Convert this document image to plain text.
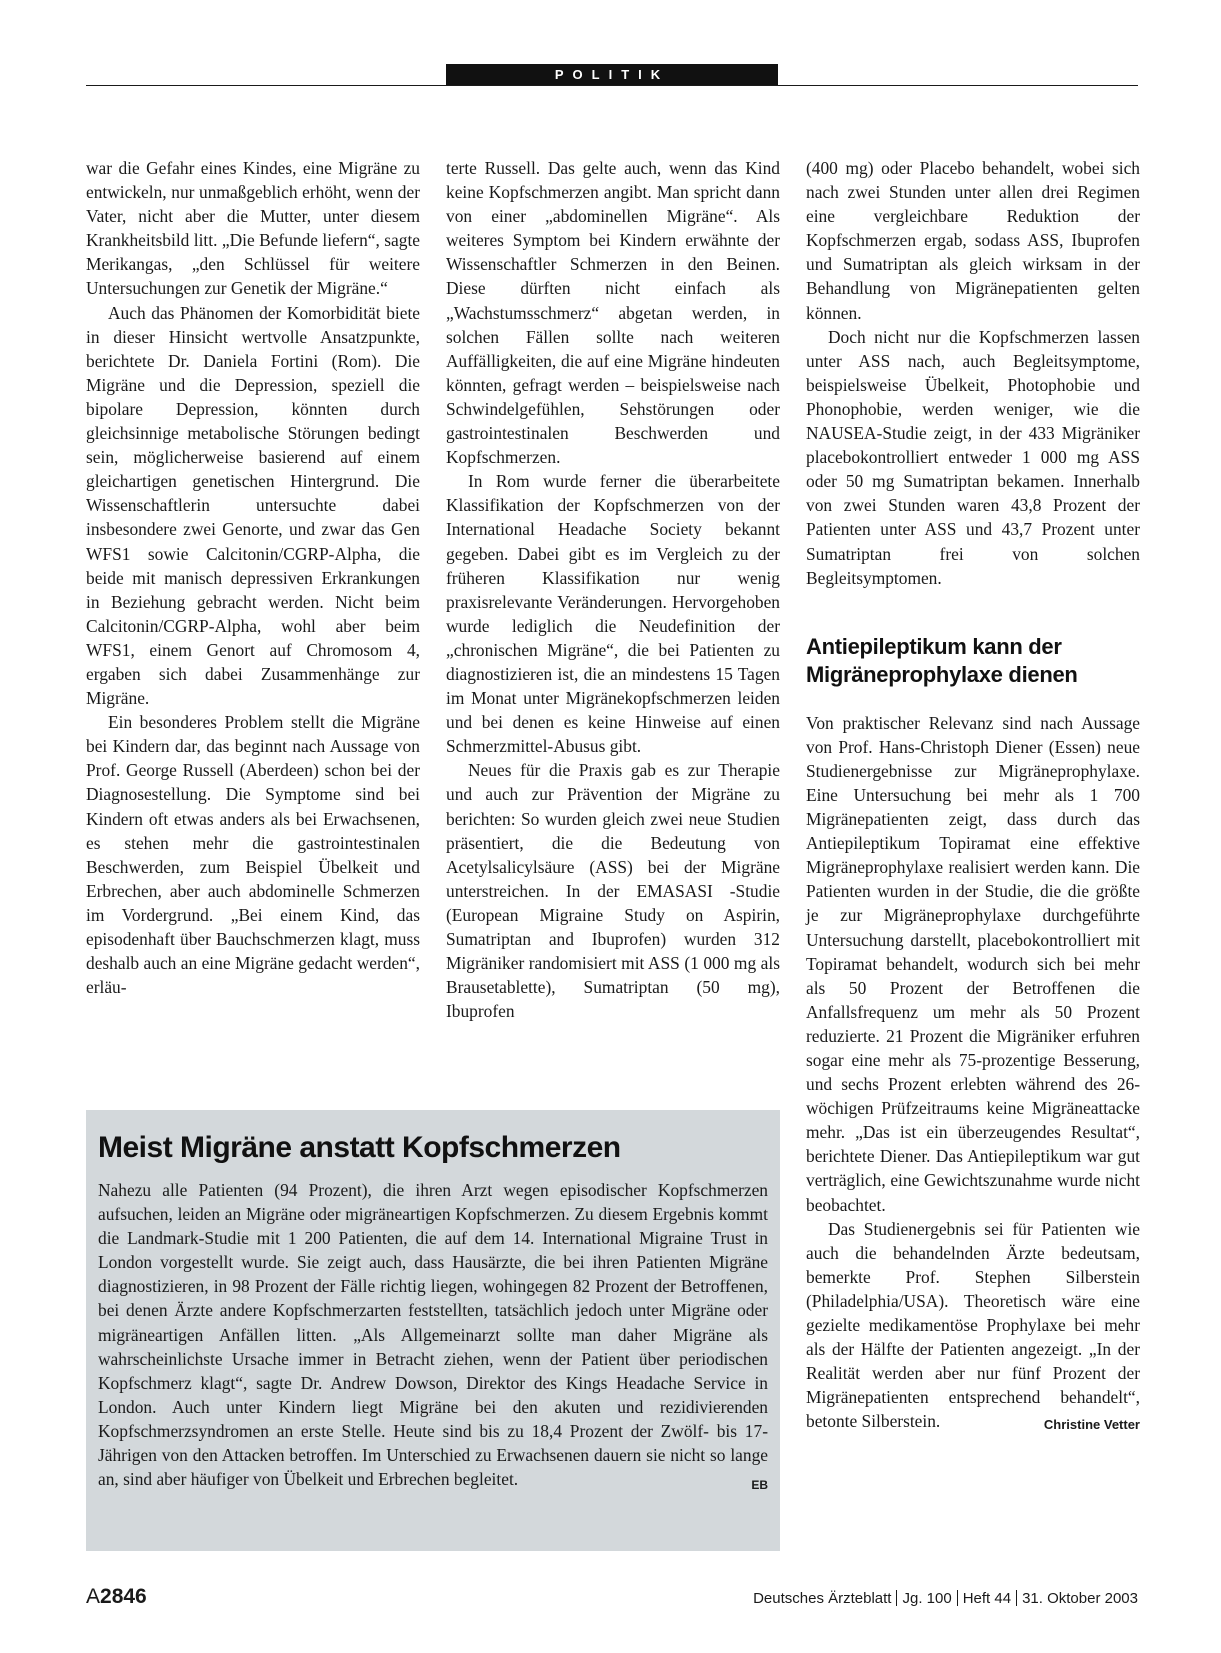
POLITIK

war die Gefahr eines Kindes, eine Migräne zu entwickeln, nur unmaßgeblich erhöht, wenn der Vater, nicht aber die Mutter, unter diesem Krankheitsbild litt. „Die Befunde liefern“, sagte Merikangas, „den Schlüssel für weitere Untersuchungen zur Genetik der Migräne.“

Auch das Phänomen der Komorbidität biete in dieser Hinsicht wertvolle Ansatzpunkte, berichtete Dr. Daniela Fortini (Rom). Die Migräne und die Depression, speziell die bipolare Depression, könnten durch gleichsinnige metabolische Störungen bedingt sein, möglicherweise basierend auf einem gleichartigen genetischen Hintergrund. Die Wissenschaftlerin untersuchte dabei insbesondere zwei Genorte, und zwar das Gen WFS1 sowie Calcitonin/CGRP-Alpha, die beide mit manisch depressiven Erkrankungen in Beziehung gebracht werden. Nicht beim Calcitonin/CGRP-Alpha, wohl aber beim WFS1, einem Genort auf Chromosom 4, ergaben sich dabei Zusammenhänge zur Migräne.

Ein besonderes Problem stellt die Migräne bei Kindern dar, das beginnt nach Aussage von Prof. George Russell (Aberdeen) schon bei der Diagnosestellung. Die Symptome sind bei Kindern oft etwas anders als bei Erwachsenen, es stehen mehr die gastrointestinalen Beschwerden, zum Beispiel Übelkeit und Erbrechen, aber auch abdominelle Schmerzen im Vordergrund. „Bei einem Kind, das episodenhaft über Bauchschmerzen klagt, muss deshalb auch an eine Migräne gedacht werden“, erläu-

terte Russell. Das gelte auch, wenn das Kind keine Kopfschmerzen angibt. Man spricht dann von einer „abdominellen Migräne“. Als weiteres Symptom bei Kindern erwähnte der Wissenschaftler Schmerzen in den Beinen. Diese dürften nicht einfach als „Wachstumsschmerz“ abgetan werden, in solchen Fällen sollte nach weiteren Auffälligkeiten, die auf eine Migräne hindeuten könnten, gefragt werden – beispielsweise nach Schwindelgefühlen, Sehstörungen oder gastrointestinalen Beschwerden und Kopfschmerzen.

In Rom wurde ferner die überarbeitete Klassifikation der Kopfschmerzen von der International Headache Society bekannt gegeben. Dabei gibt es im Vergleich zu der früheren Klassifikation nur wenig praxisrelevante Veränderungen. Hervorgehoben wurde lediglich die Neudefinition der „chronischen Migräne“, die bei Patienten zu diagnostizieren ist, die an mindestens 15 Tagen im Monat unter Migränekopfschmerzen leiden und bei denen es keine Hinweise auf einen Schmerzmittel-Abusus gibt.

Neues für die Praxis gab es zur Therapie und auch zur Prävention der Migräne zu berichten: So wurden gleich zwei neue Studien präsentiert, die die Bedeutung von Acetylsalicylsäure (ASS) bei der Migräne unterstreichen. In der EMASASI -Studie (European Migraine Study on Aspirin, Sumatriptan and Ibuprofen) wurden 312 Migräniker randomisiert mit ASS (1 000 mg als Brausetablette), Sumatriptan (50 mg), Ibuprofen

(400 mg) oder Placebo behandelt, wobei sich nach zwei Stunden unter allen drei Regimen eine vergleichbare Reduktion der Kopfschmerzen ergab, sodass ASS, Ibuprofen und Sumatriptan als gleich wirksam in der Behandlung von Migränepatienten gelten können.

Doch nicht nur die Kopfschmerzen lassen unter ASS nach, auch Begleitsymptome, beispielsweise Übelkeit, Photophobie und Phonophobie, werden weniger, wie die NAUSEA-Studie zeigt, in der 433 Migräniker placebokontrolliert entweder 1 000 mg ASS oder 50 mg Sumatriptan bekamen. Innerhalb von zwei Stunden waren 43,8 Prozent der Patienten unter ASS und 43,7 Prozent unter Sumatriptan frei von solchen Begleitsymptomen.

Antiepileptikum kann der Migräneprophylaxe dienen

Von praktischer Relevanz sind nach Aussage von Prof. Hans-Christoph Diener (Essen) neue Studienergebnisse zur Migräneprophylaxe. Eine Untersuchung bei mehr als 1 700 Migränepatienten zeigt, dass durch das Antiepileptikum Topiramat eine effektive Migräneprophylaxe realisiert werden kann. Die Patienten wurden in der Studie, die die größte je zur Migräneprophylaxe durchgeführte Untersuchung darstellt, placebokontrolliert mit Topiramat behandelt, wodurch sich bei mehr als 50 Prozent der Betroffenen die Anfallsfrequenz um mehr als 50 Prozent reduzierte. 21 Prozent die Migräniker erfuhren sogar eine mehr als 75-prozentige Besserung, und sechs Prozent erlebten während des 26-wöchigen Prüfzeitraums keine Migräneattacke mehr. „Das ist ein überzeugendes Resultat“, berichtete Diener. Das Antiepileptikum war gut verträglich, eine Gewichtszunahme wurde nicht beobachtet.

Das Studienergebnis sei für Patienten wie auch die behandelnden Ärzte bedeutsam, bemerkte Prof. Stephen Silberstein (Philadelphia/USA). Theoretisch wäre eine gezielte medikamentöse Prophylaxe bei mehr als der Hälfte der Patienten angezeigt. „In der Realität werden aber nur fünf Prozent der Migränepatienten entsprechend behandelt“, betonte Silberstein.	Christine Vetter

Meist Migräne anstatt Kopfschmerzen

Nahezu alle Patienten (94 Prozent), die ihren Arzt wegen episodischer Kopfschmerzen aufsuchen, leiden an Migräne oder migräneartigen Kopfschmerzen. Zu diesem Ergebnis kommt die Landmark-Studie mit 1 200 Patienten, die auf dem 14. International Migraine Trust in London vorgestellt wurde. Sie zeigt auch, dass Hausärzte, die bei ihren Patienten Migräne diagnostizieren, in 98 Prozent der Fälle richtig liegen, wohingegen 82 Prozent der Betroffenen, bei denen Ärzte andere Kopfschmerzarten feststellten, tatsächlich jedoch unter Migräne oder migräneartigen Anfällen litten. „Als Allgemeinarzt sollte man daher Migräne als wahrscheinlichste Ursache immer in Betracht ziehen, wenn der Patient über periodischen Kopfschmerz klagt“, sagte Dr. Andrew Dowson, Direktor des Kings Headache Service in London. Auch unter Kindern liegt Migräne bei den akuten und rezidivierenden Kopfschmerzsyndromen an erste Stelle. Heute sind bis zu 18,4 Prozent der Zwölf- bis 17-Jährigen von den Attacken betroffen. Im Unterschied zu Erwachsenen dauern sie nicht so lange an, sind aber häufiger von Übelkeit und Erbrechen begleitet.	EB

A2846	Deutsches Ärzteblatt Jg. 100 Heft 44 31. Oktober 2003
